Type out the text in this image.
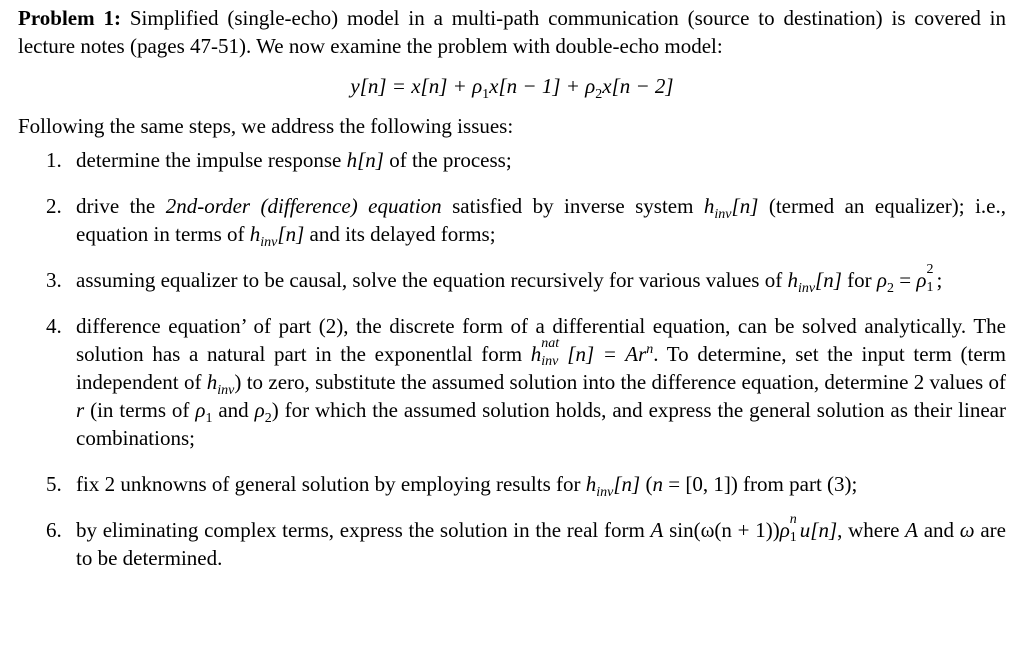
Problem 1: Simplified (single-echo) model in a multi-path communication (source to destination) is covered in lecture notes (pages 47-51). We now examine the problem with double-echo model:

$y[n] = x[n] + \rho_1x[n - 1] + \rho_2x[n - 2]$

Following the same steps, we address the following issues:

1. determine the impulse response h[n] of the process;
2. drive the 2nd-order (difference) equation satisfied by inverse system $h_{inv}[n]$ (termed an equalizer); i.e., equation in terms of $h_{inv}[n]$ and its delayed forms;
3. assuming equalizer to be causal, solve the equation recursively for various values of $h_{inv}[n]$ for $\rho_2 = \rho$ 2
1 ;
4. difference equation’ of part (2), the discrete form of a differential equation, can be solved analytically. The solution has a natural part in the exponentlal form h nat
inv $[n] = Ar^n$. To determine, set the input term (term independent of $h_{inv}$) to zero, substitute the assumed solution into the difference equation, determine 2 values of r (in terms of $\rho_1$ and $\rho_2$) for which the assumed solution holds, and express the general solution as their linear combinations;
5. fix 2 unknowns of general solution by employing results for $h_{inv}[n] (n = [0$, 1]) from part (3);
6. by eliminating complex terms, express the solution in the real form A sin(ω(n + 1))ρ n
1 u[n], where A and ω are to be determined.
